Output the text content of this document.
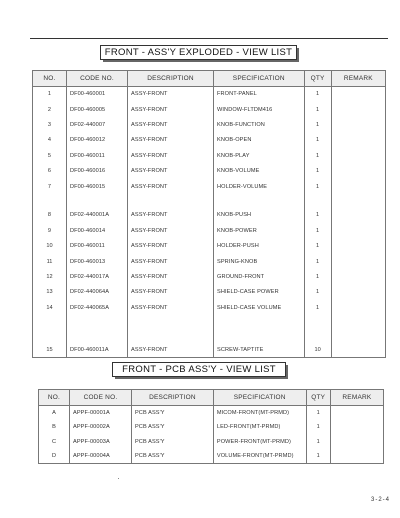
FRONT - ASS'Y EXPLODED - VIEW LIST
NO.	CODE NO.	DESCRIPTION	SPECIFICATION	QTY	REMARK
1	DF00-460001	ASSY-FRONT	FRONT-PANEL	1	
2	DF00-460005	ASSY-FRONT	WINDOW-FLTDM416	1	
3	DF02-440007	ASSY-FRONT	KNOB-FUNCTION	1	
4	DF00-460012	ASSY-FRONT	KNOB-OPEN	1	
5	DF00-460011	ASSY-FRONT	KNOB-PLAY	1	
6	DF00-460016	ASSY-FRONT	KNOB-VOLUME	1	
7	DF00-460015	ASSY-FRONT	HOLDER-VOLUME	1	

8	DF02-440001A	ASSY-FRONT	KNOB-PUSH	1	
9	DF00-460014	ASSY-FRONT	KNOB-POWER	1	
10	DF00-460011	ASSY-FRONT	HOLDER-PUSH	1	
11	DF00-460013	ASSY-FRONT	SPRING-KNOB	1	
12	DF02-440017A	ASSY-FRONT	GROUND-FRONT	1	
13	DF02-440064A	ASSY-FRONT	SHIELD-CASE POWER	1	
14	DF02-440065A	ASSY-FRONT	SHIELD-CASE VOLUME	1	

15	DF00-460011A	ASSY-FRONT	SCREW-TAPTITE	10	
FRONT - PCB ASS'Y - VIEW LIST
NO.	CODE NO.	DESCRIPTION	SPECIFICATION	QTY	REMARK
A	APPF-00001A	PCB ASS'Y	MICOM-FRONT(MT-PRMD)	1	
B	APPF-00002A	PCB ASS'Y	LED-FRONT(MT-PRMD)	1	
C	APPF-00003A	PCB ASS'Y	POWER-FRONT(MT-PRMD)	1	
D	APPF-00004A	PCB ASS'Y	VOLUME-FRONT(MT-PRMD)	1	
3-2-4
